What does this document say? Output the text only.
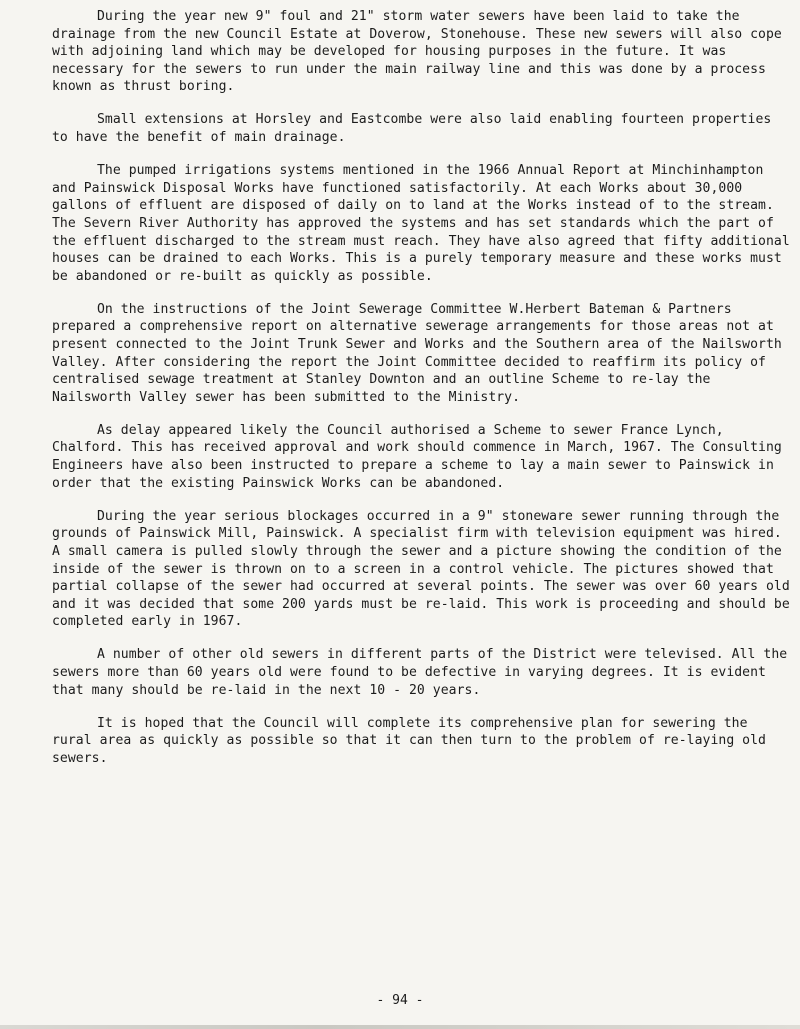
During the year new 9" foul and 21" storm water sewers have been laid to take the drainage from the new Council Estate at Doverow, Stonehouse. These new sewers will also cope with adjoining land which may be developed for housing purposes in the future. It was necessary for the sewers to run under the main railway line and this was done by a process known as thrust boring.

Small extensions at Horsley and Eastcombe were also laid enabling fourteen properties to have the benefit of main drainage.

The pumped irrigations systems mentioned in the 1966 Annual Report at Minchinhampton and Painswick Disposal Works have functioned satisfactorily. At each Works about 30,000 gallons of effluent are disposed of daily on to land at the Works instead of to the stream. The Severn River Authority has approved the systems and has set standards which the part of the effluent discharged to the stream must reach. They have also agreed that fifty additional houses can be drained to each Works. This is a purely temporary measure and these works must be abandoned or re-built as quickly as possible.

On the instructions of the Joint Sewerage Committee W.Herbert Bateman & Partners prepared a comprehensive report on alternative sewerage arrangements for those areas not at present connected to the Joint Trunk Sewer and Works and the Southern area of the Nailsworth Valley. After considering the report the Joint Committee decided to reaffirm its policy of centralised sewage treatment at Stanley Downton and an outline Scheme to re-lay the Nailsworth Valley sewer has been submitted to the Ministry.

As delay appeared likely the Council authorised a Scheme to sewer France Lynch, Chalford. This has received approval and work should commence in March, 1967. The Consulting Engineers have also been instructed to prepare a scheme to lay a main sewer to Painswick in order that the existing Painswick Works can be abandoned.

During the year serious blockages occurred in a 9" stoneware sewer running through the grounds of Painswick Mill, Painswick. A specialist firm with television equipment was hired. A small camera is pulled slowly through the sewer and a picture showing the condition of the inside of the sewer is thrown on to a screen in a control vehicle. The pictures showed that partial collapse of the sewer had occurred at several points. The sewer was over 60 years old and it was decided that some 200 yards must be re-laid. This work is proceeding and should be completed early in 1967.

A number of other old sewers in different parts of the District were televised. All the sewers more than 60 years old were found to be defective in varying degrees. It is evident that many should be re-laid in the next 10 - 20 years.

It is hoped that the Council will complete its comprehensive plan for sewering the rural area as quickly as possible so that it can then turn to the problem of re-laying old sewers.

- 94 -
